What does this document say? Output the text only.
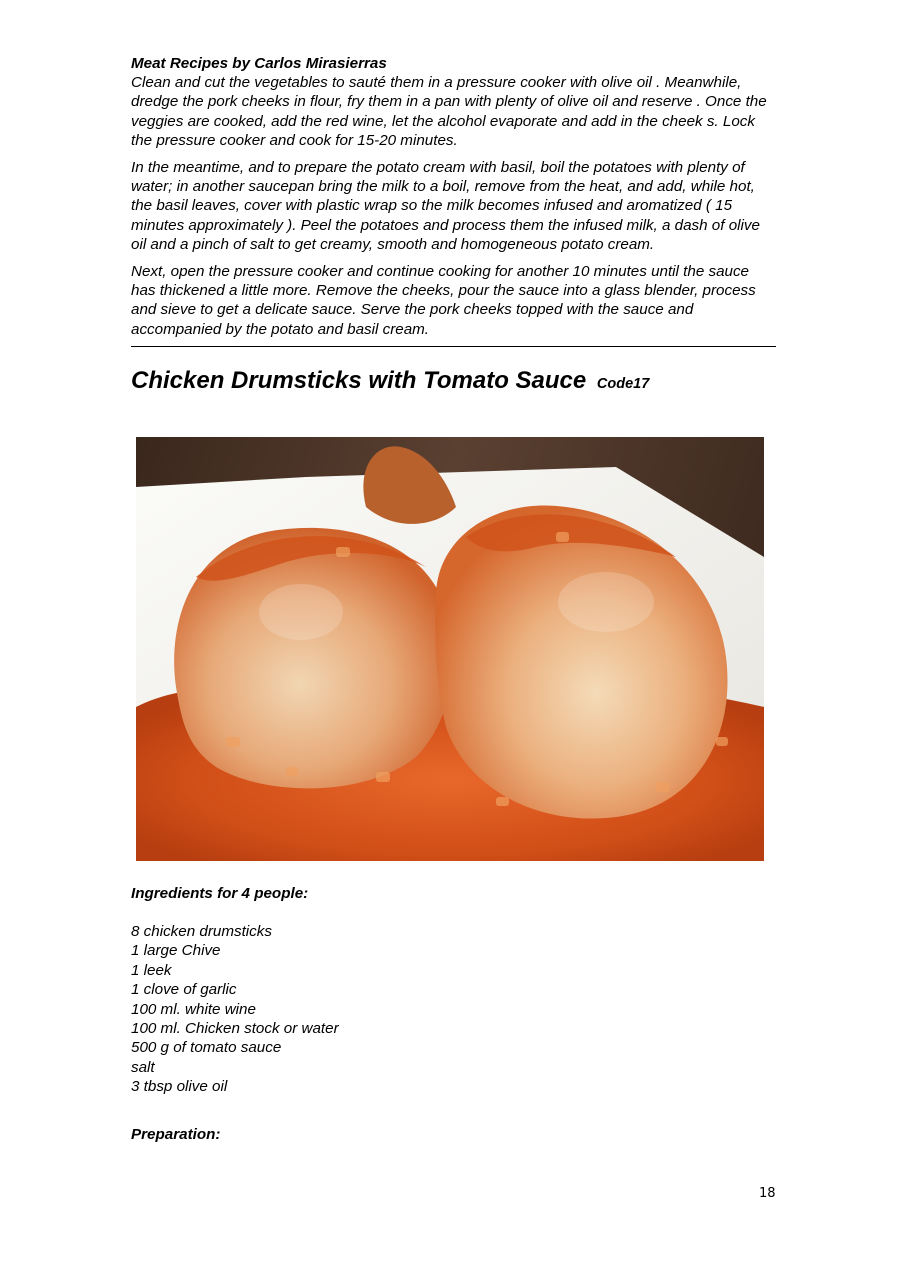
Meat Recipes by Carlos Mirasierras

Clean and cut the vegetables to sauté them in a pressure cooker with olive oil . Meanwhile, dredge the pork cheeks in flour, fry them in a pan with plenty of olive oil and reserve . Once the veggies are cooked, add the red wine, let the alcohol evaporate and add in the cheek s. Lock the pressure cooker and cook for 15-20 minutes.

In the meantime, and to prepare the potato cream with basil, boil the potatoes with plenty of water; in another saucepan bring the milk to a boil, remove from the heat, and add, while hot, the basil leaves, cover with plastic wrap so the milk becomes infused and aromatized ( 15 minutes approximately ). Peel the potatoes and process them the infused milk, a dash of olive oil and a pinch of salt to get creamy, smooth and homogeneous potato cream.

Next, open the pressure cooker and continue cooking for another 10 minutes until the sauce has thickened a little more. Remove the cheeks, pour the sauce into a glass blender, process and sieve to get a delicate sauce. Serve the pork cheeks topped with the sauce and accompanied by the potato and basil cream.

Chicken Drumsticks with Tomato Sauce Code17

Ingredients for 4 people:

8 chicken drumsticks
1 large Chive
1 leek
1 clove of garlic
100 ml. white wine
100 ml. Chicken stock or water
500 g of tomato sauce
salt
3 tbsp olive oil

Preparation:

18
